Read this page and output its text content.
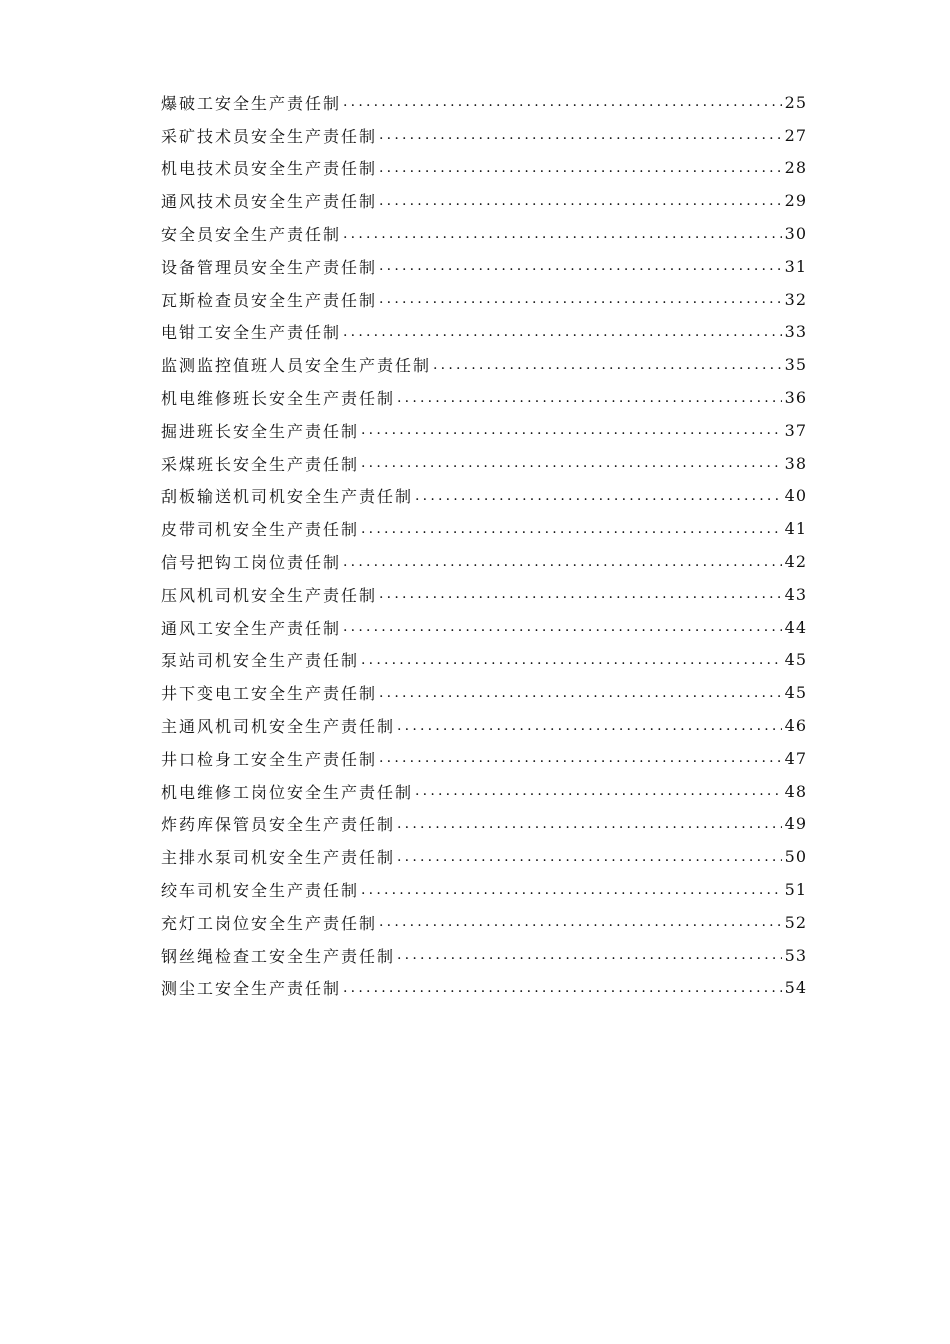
爆破工安全生产责任制 .....	25
采矿技术员安全生产责任制 .....	27
机电技术员安全生产责任制 .....	28
通风技术员安全生产责任制 .....	29
安全员安全生产责任制 .....	30
设备管理员安全生产责任制 .....	31
瓦斯检查员安全生产责任制 .....	32
电钳工安全生产责任制 .....	33
监测监控值班人员安全生产责任制 .....	35
机电维修班长安全生产责任制 .....	36
掘进班长安全生产责任制 .....	37
采煤班长安全生产责任制 .....	38
刮板输送机司机安全生产责任制 .....	40
皮带司机安全生产责任制 .....	41
信号把钩工岗位责任制 .....	42
压风机司机安全生产责任制 .....	43
通风工安全生产责任制 .....	44
泵站司机安全生产责任制 .....	45
井下变电工安全生产责任制 .....	45
主通风机司机安全生产责任制 .....	46
井口检身工安全生产责任制 .....	47
机电维修工岗位安全生产责任制 .....	48
炸药库保管员安全生产责任制 .....	49
主排水泵司机安全生产责任制 .....	50
绞车司机安全生产责任制 .....	51
充灯工岗位安全生产责任制 .....	52
钢丝绳检查工安全生产责任制 .....	53
测尘工安全生产责任制 .....	54
